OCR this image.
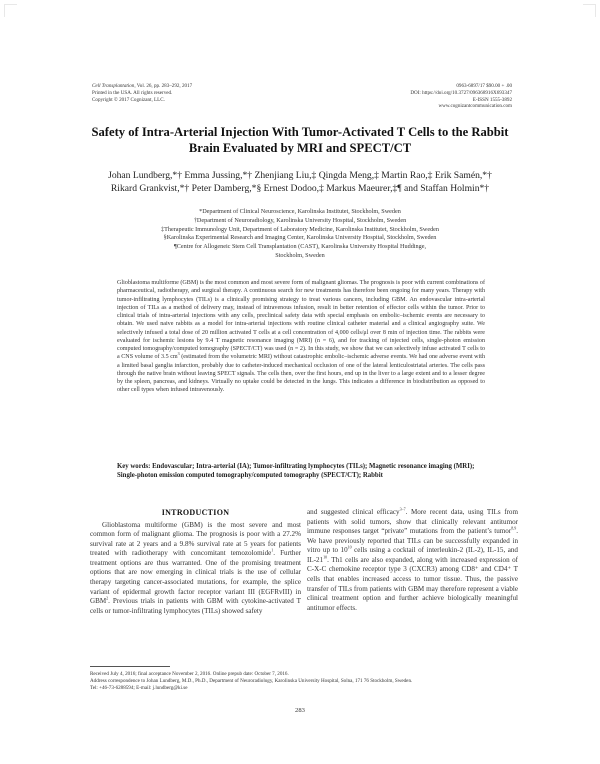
Cell Transplantation, Vol. 26, pp. 283–292, 2017
Printed in the USA. All rights reserved.
Copyright © 2017 Cognizant, LLC.
0963-6897/17 $90.00 + .00
DOI: https://doi.org/10.3727/096368916X693347
E-ISSN 1555-3892
www.cognizantcommunication.com
Safety of Intra-Arterial Injection With Tumor-Activated T Cells to the Rabbit
Brain Evaluated by MRI and SPECT/CT
Johan Lundberg,*† Emma Jussing,*† Zhenjiang Liu,‡ Qingda Meng,‡ Martin Rao,‡ Erik Samén,*†
Rikard Grankvist,*† Peter Damberg,*§ Ernest Dodoo,‡ Markus Maeurer,‡¶ and Staffan Holmin*†
*Department of Clinical Neuroscience, Karolinska Institutet, Stockholm, Sweden
†Department of Neuroradiology, Karolinska University Hospital, Stockholm, Sweden
‡Therapeutic Immunology Unit, Department of Laboratory Medicine, Karolinska Institutet, Stockholm, Sweden
§Karolinska Experimental Research and Imaging Center, Karolinska University Hospital, Stockholm, Sweden
¶Centre for Allogeneic Stem Cell Transplantation (CAST), Karolinska University Hospital Huddinge,
Stockholm, Sweden
Glioblastoma multiforme (GBM) is the most common and most severe form of malignant gliomas. The prognosis is poor with current combinations of pharmaceutical, radiotherapy, and surgical therapy. A continuous search for new treatments has therefore been ongoing for many years. Therapy with tumor-infiltrating lymphocytes (TILs) is a clinically promising strategy to treat various cancers, including GBM. An endovascular intra-arterial injection of TILs as a method of delivery may, instead of intravenous infusion, result in better retention of effector cells within the tumor. Prior to clinical trials of intra-arterial injections with any cells, preclinical safety data with special emphasis on embolic–ischemic events are necessary to obtain. We used naive rabbits as a model for intra-arterial injections with routine clinical catheter material and a clinical angiography suite. We selectively infused a total dose of 20 million activated T cells at a cell concentration of 4,000 cells/μl over 8 min of injection time. The rabbits were evaluated for ischemic lesions by 9.4 T magnetic resonance imaging (MRI) (n = 6), and for tracking of injected cells, single-photon emission computed tomography/computed tomography (SPECT/CT) was used (n = 2). In this study, we show that we can selectively infuse activated T cells to a CNS volume of 3.5 $cm^3$ (estimated from the volumetric MRI) without catastrophic embolic–ischemic adverse events. We had one adverse event with a limited basal ganglia infarction, probably due to catheter-induced mechanical occlusion of one of the lateral lenticulostriatal arteries. The cells pass through the native brain without leaving SPECT signals. The cells then, over the first hours, end up in the liver to a large extent and to a lesser degree by the spleen, pancreas, and kidneys. Virtually no uptake could be detected in the lungs. This indicates a difference in biodistribution as opposed to other cell types when infused intravenously.
Key words: Endovascular; Intra-arterial (IA); Tumor-infiltrating lymphocytes (TILs); Magnetic resonance imaging (MRI); Single-photon emission computed tomography/computed tomography (SPECT/CT); Rabbit
INTRODUCTION

Glioblastoma multiforme (GBM) is the most severe and most common form of malignant glioma. The prognosis is poor with a 27.2% survival rate at 2 years and a 9.8% survival rate at 5 years for patients treated with radiotherapy with concomitant temozolomide$^1$. Further treatment options are thus warranted. One of the promising treatment options that are now emerging in clinical trials is the use of cellular therapy targeting cancer-associated mutations, for example, the splice variant of epidermal growth factor receptor variant III (EGFRvIII) in GBM$^2$. Previous trials in patients with GBM with cytokine-activated T cells or tumor-infiltrating lymphocytes (TILs) showed safety

and suggested clinical efficacy$^{3-7}$. More recent data, using TILs from patients with solid tumors, show that clinically relevant antitumor immune responses target “private” mutations from the patient’s tumor$^{8,9}$. We have previously reported that TILs can be successfully expanded in vitro up to $10^{10}$ cells using a cocktail of interleukin-2 (IL-2), IL-15, and $IL-21^{10}$. Th1 cells are also expanded, along with increased expression of C-X-C chemokine receptor type 3 (CXCR3) among CD8⁺ and CD4⁺ T cells that enables increased access to tumor tissue. Thus, the passive transfer of TILs from patients with GBM may therefore represent a viable clinical treatment option and further achieve biologically meaningful antitumor effects.

Received July 4, 2016; final acceptance November 2, 2016. Online prepub date: October 7, 2016.
Address correspondence to Johan Lundberg, M.D., Ph.D., Department of Neuroradiology, Karolinska University Hospital, Solna, 171 76 Stockholm, Sweden.
Tel: +46-73-6288594; E-mail: j.lundberg@ki.se
283
